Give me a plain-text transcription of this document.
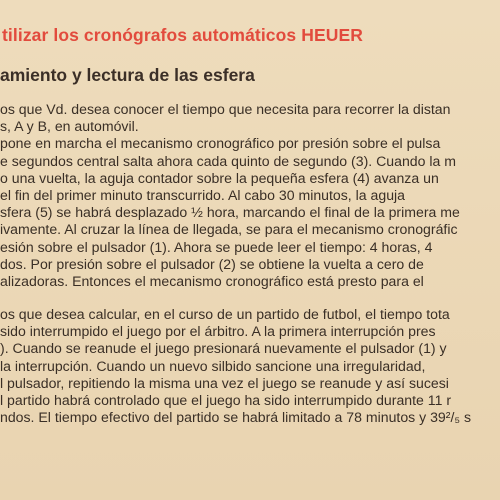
tilizar los cronógrafos automáticos HEUER
amiento y lectura de las esfera
os que Vd. desea conocer el tiempo que necesita para recorrer la distan
s, A y B, en automóvil.
pone en marcha el mecanismo cronográfico por presión sobre el pulsa
e segundos central salta ahora cada quinto de segundo (3). Cuando la m
o una vuelta, la aguja contador sobre la pequeña esfera (4) avanza un
el fin del primer minuto transcurrido. Al cabo 30 minutos, la aguja
sfera (5) se habrá desplazado ½ hora, marcando el final de la primera me
ivamente. Al cruzar la línea de llegada, se para el mecanismo cronográfic
esión sobre el pulsador (1). Ahora se puede leer el tiempo: 4 horas, 4
dos. Por presión sobre el pulsador (2) se obtiene la vuelta a cero de
alizadoras. Entonces el mecanismo cronográfico está presto para el
os que desea calcular, en el curso de un partido de futbol, el tiempo tota
sido interrumpido el juego por el árbitro. A la primera interrupción pres
). Cuando se reanude el juego presionará nuevamente el pulsador (1) y
la interrupción. Cuando un nuevo silbido sancione una irregularidad,
l pulsador, repitiendo la misma una vez el juego se reanude y así sucesi
l partido habrá controlado que el juego ha sido interrumpido durante 11 r
ndos. El tiempo efectivo del partido se habrá limitado a 78 minutos y 39²/₅ s
